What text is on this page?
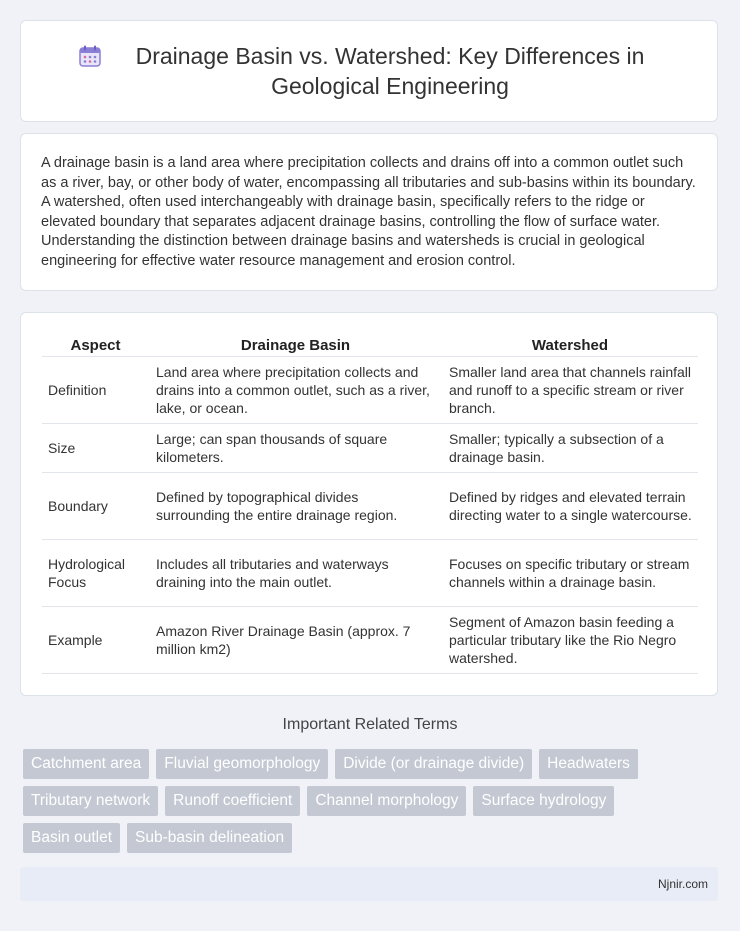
Drainage Basin vs. Watershed: Key Differences in Geological Engineering

A drainage basin is a land area where precipitation collects and drains off into a common outlet such as a river, bay, or other body of water, encompassing all tributaries and sub-basins within its boundary. A watershed, often used interchangeably with drainage basin, specifically refers to the ridge or elevated boundary that separates adjacent drainage basins, controlling the flow of surface water. Understanding the distinction between drainage basins and watersheds is crucial in geological engineering for effective water resource management and erosion control.

Aspect	Drainage Basin	Watershed
Definition	Land area where precipitation collects and drains into a common outlet, such as a river, lake, or ocean.	Smaller land area that channels rainfall and runoff to a specific stream or river branch.
Size	Large; can span thousands of square kilometers.	Smaller; typically a subsection of a drainage basin.
Boundary	Defined by topographical divides surrounding the entire drainage region.	Defined by ridges and elevated terrain directing water to a single watercourse.
Hydrological Focus	Includes all tributaries and waterways draining into the main outlet.	Focuses on specific tributary or stream channels within a drainage basin.
Example	Amazon River Drainage Basin (approx. 7 million km2)	Segment of Amazon basin feeding a particular tributary like the Rio Negro watershed.
Important Related Terms
Catchment area	Fluvial geomorphology	Divide (or drainage divide)	Headwaters
Tributary network	Runoff coefficient	Channel morphology	Surface hydrology
Basin outlet	Sub-basin delineation
Njnir.com
